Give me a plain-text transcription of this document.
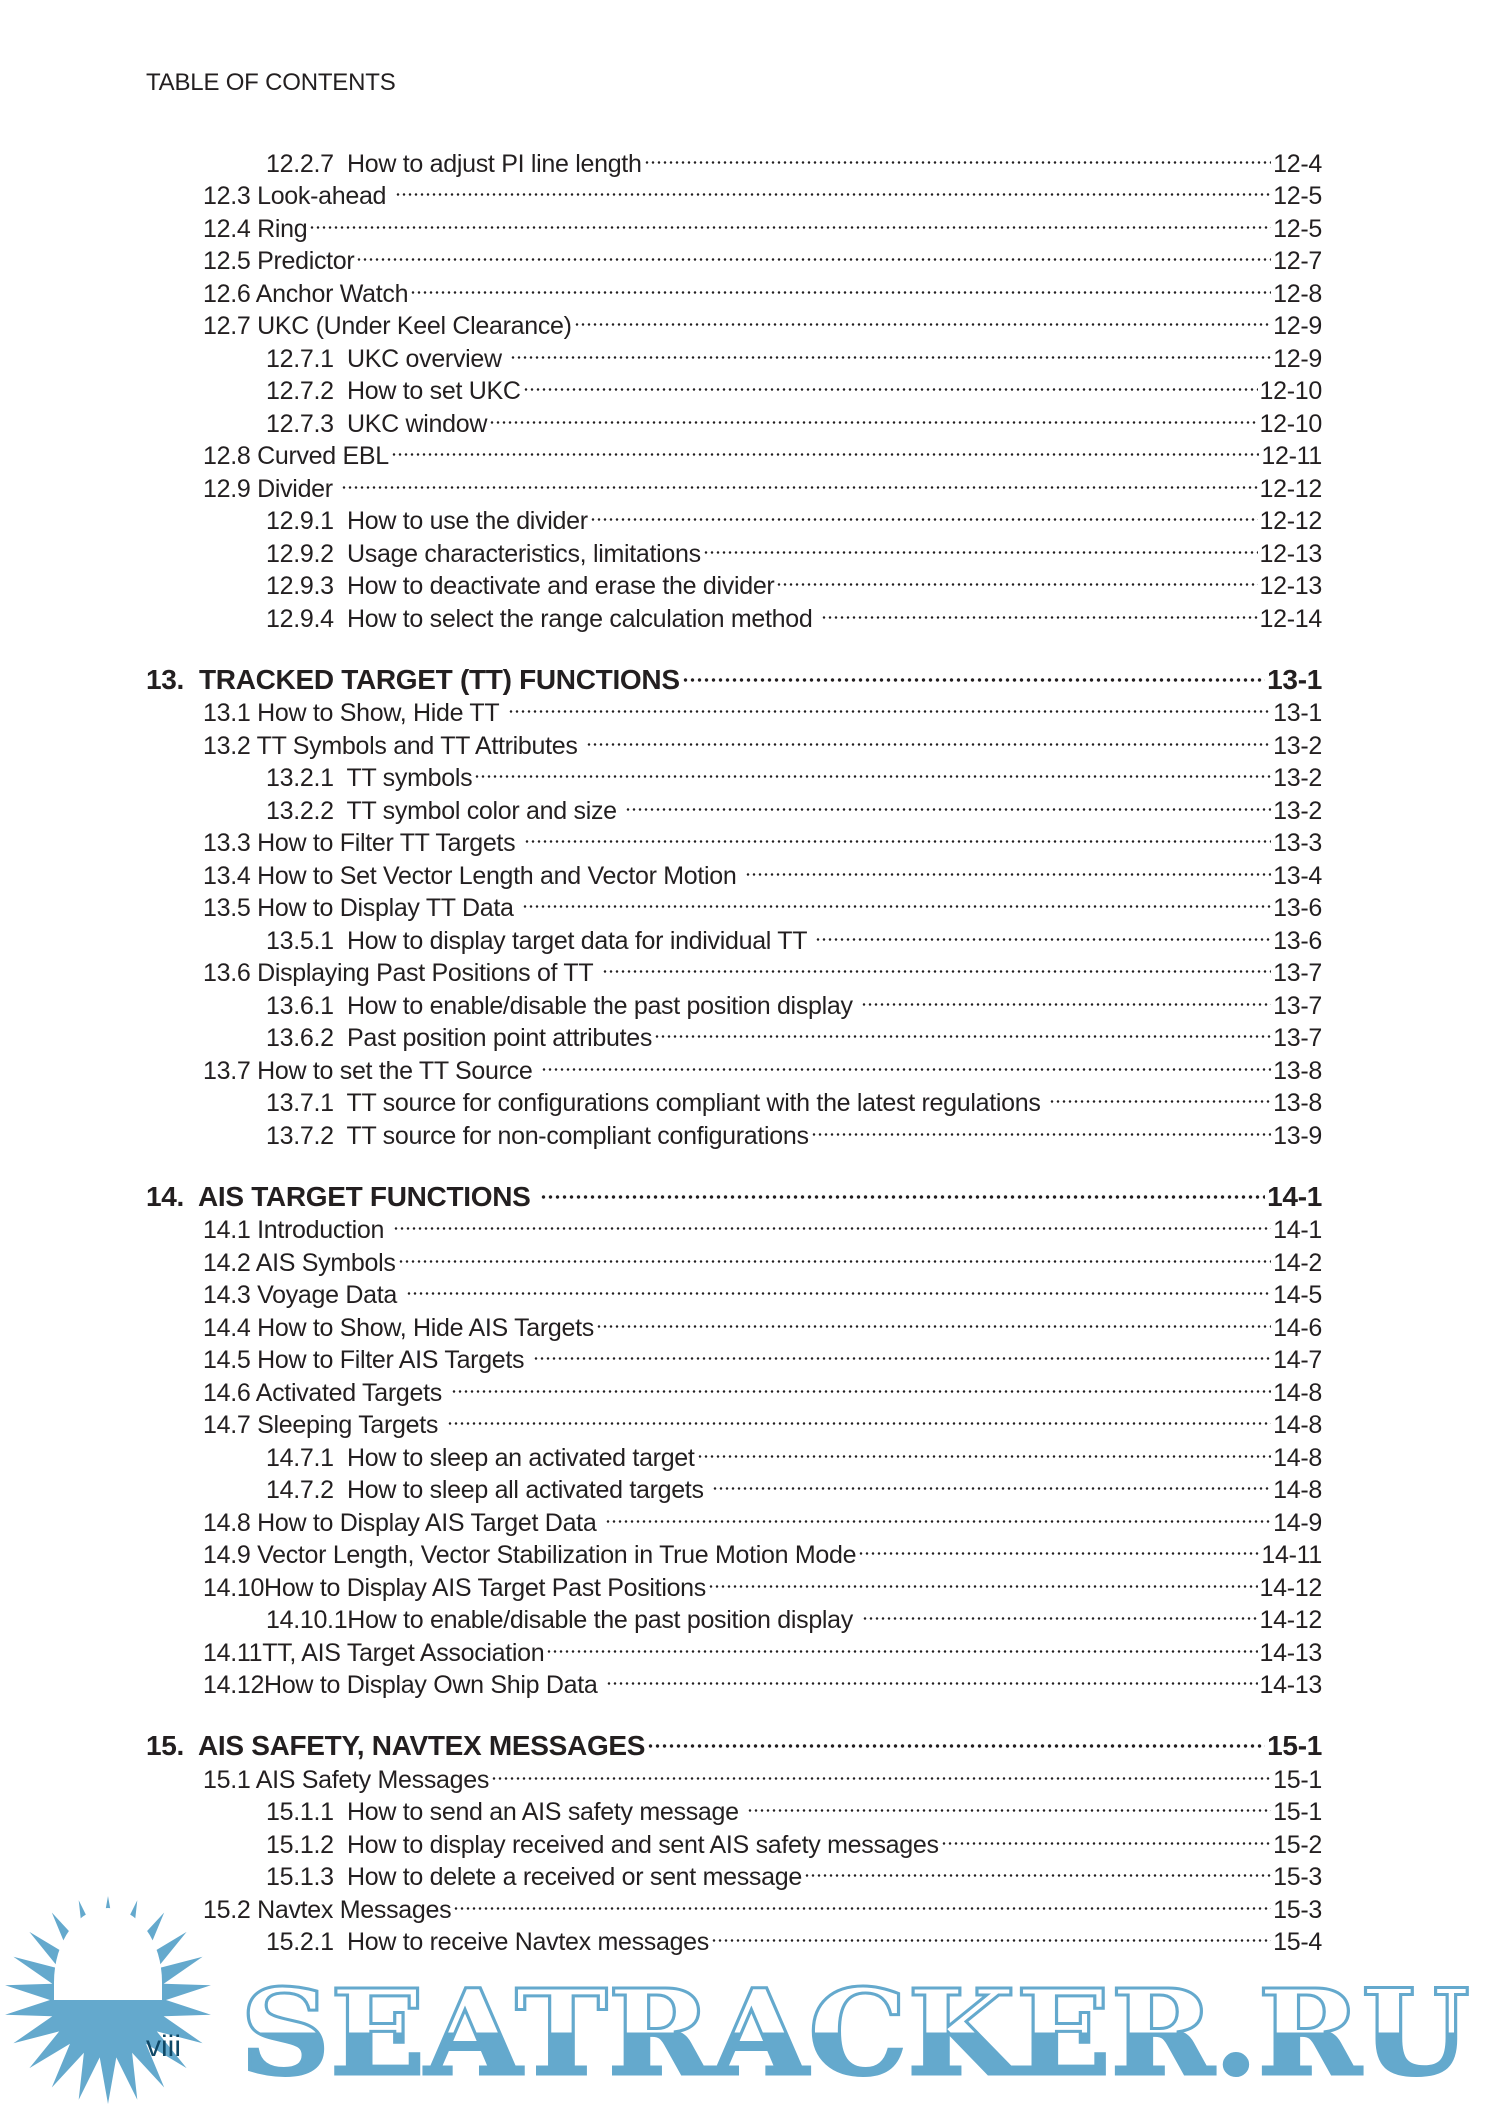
TABLE OF CONTENTS
12.2.7  How to adjust PI line length	12-4
12.3 Look-ahead	12-5
12.4 Ring	12-5
12.5 Predictor	12-7
12.6 Anchor Watch	12-8
12.7 UKC (Under Keel Clearance)	12-9
12.7.1  UKC overview	12-9
12.7.2  How to set UKC	12-10
12.7.3  UKC window	12-10
12.8 Curved EBL	12-11
12.9 Divider	12-12
12.9.1  How to use the divider	12-12
12.9.2  Usage characteristics, limitations	12-13
12.9.3  How to deactivate and erase the divider	12-13
12.9.4  How to select the range calculation method	12-14
13.  TRACKED TARGET (TT) FUNCTIONS	13-1
13.1 How to Show, Hide TT	13-1
13.2 TT Symbols and TT Attributes	13-2
13.2.1  TT symbols	13-2
13.2.2  TT symbol color and size	13-2
13.3 How to Filter TT Targets	13-3
13.4 How to Set Vector Length and Vector Motion	13-4
13.5 How to Display TT Data	13-6
13.5.1  How to display target data for individual TT	13-6
13.6 Displaying Past Positions of TT	13-7
13.6.1  How to enable/disable the past position display	13-7
13.6.2  Past position point attributes	13-7
13.7 How to set the TT Source	13-8
13.7.1  TT source for configurations compliant with the latest regulations	13-8
13.7.2  TT source for non-compliant configurations	13-9
14.  AIS TARGET FUNCTIONS	14-1
14.1 Introduction	14-1
14.2 AIS Symbols	14-2
14.3 Voyage Data	14-5
14.4 How to Show, Hide AIS Targets	14-6
14.5 How to Filter AIS Targets	14-7
14.6 Activated Targets	14-8
14.7 Sleeping Targets	14-8
14.7.1  How to sleep an activated target	14-8
14.7.2  How to sleep all activated targets	14-8
14.8 How to Display AIS Target Data	14-9
14.9 Vector Length, Vector Stabilization in True Motion Mode	14-11
14.10How to Display AIS Target Past Positions	14-12
14.10.1How to enable/disable the past position display	14-12
14.11TT, AIS Target Association	14-13
14.12How to Display Own Ship Data	14-13
15.  AIS SAFETY, NAVTEX MESSAGES	15-1
15.1 AIS Safety Messages	15-1
15.1.1  How to send an AIS safety message	15-1
15.1.2  How to display received and sent AIS safety messages	15-2
15.1.3  How to delete a received or sent message	15-3
15.2 Navtex Messages	15-3
15.2.1  How to receive Navtex messages	15-4
SEATRACKER.RU
viii
